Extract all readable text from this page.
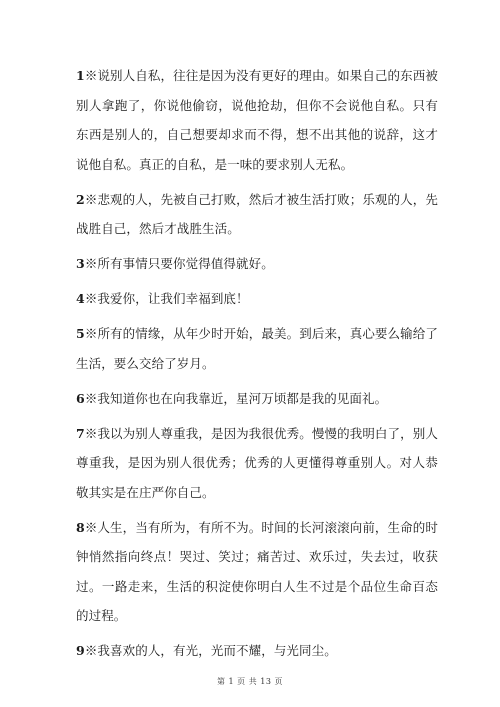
1※说别人自私，往往是因为没有更好的理由。如果自己的东西被别人拿跑了，你说他偷窃，说他抢劫，但你不会说他自私。只有东西是别人的，自己想要却求而不得，想不出其他的说辞，这才说他自私。真正的自私，是一味的要求别人无私。

2※悲观的人，先被自己打败，然后才被生活打败；乐观的人，先战胜自己，然后才战胜生活。

3※所有事情只要你觉得值得就好。

4※我爱你，让我们幸福到底！

5※所有的情缘，从年少时开始，最美。到后来，真心要么输给了生活，要么交给了岁月。

6※我知道你也在向我靠近，星河万顷都是我的见面礼。

7※我以为别人尊重我，是因为我很优秀。慢慢的我明白了，别人尊重我，是因为别人很优秀；优秀的人更懂得尊重别人。对人恭敬其实是在庄严你自己。

8※人生，当有所为，有所不为。时间的长河滚滚向前，生命的时钟悄然指向终点！哭过、笑过；痛苦过、欢乐过，失去过，收获过。一路走来，生活的积淀使你明白人生不过是个品位生命百态的过程。

9※我喜欢的人，有光，光而不耀，与光同尘。

第 1 页 共 13 页
